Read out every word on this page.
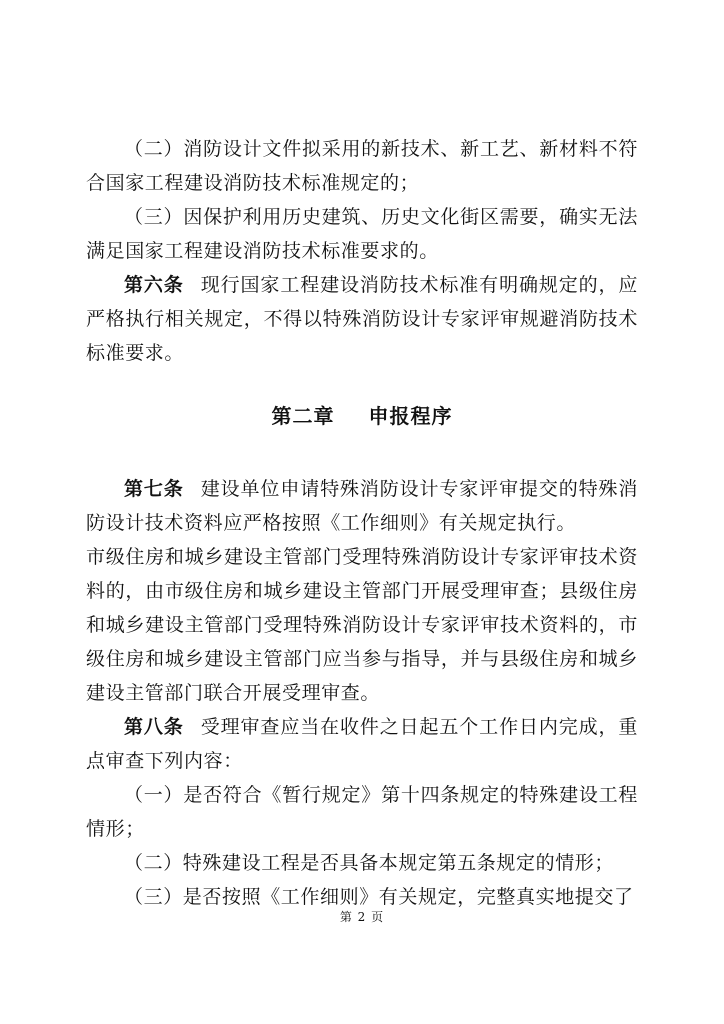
（二）消防设计文件拟采用的新技术、新工艺、新材料不符合国家工程建设消防技术标准规定的；

（三）因保护利用历史建筑、历史文化街区需要，确实无法满足国家工程建设消防技术标准要求的。

第六条 现行国家工程建设消防技术标准有明确规定的，应严格执行相关规定，不得以特殊消防设计专家评审规避消防技术标准要求。

第二章 申报程序

第七条 建设单位申请特殊消防设计专家评审提交的特殊消防设计技术资料应严格按照《工作细则》有关规定执行。

市级住房和城乡建设主管部门受理特殊消防设计专家评审技术资料的，由市级住房和城乡建设主管部门开展受理审查；县级住房和城乡建设主管部门受理特殊消防设计专家评审技术资料的，市级住房和城乡建设主管部门应当参与指导，并与县级住房和城乡建设主管部门联合开展受理审查。

第八条 受理审查应当在收件之日起五个工作日内完成，重点审查下列内容：

（一）是否符合《暂行规定》第十四条规定的特殊建设工程情形；

（二）特殊建设工程是否具备本规定第五条规定的情形；

（三）是否按照《工作细则》有关规定，完整真实地提交了

第 2 页
